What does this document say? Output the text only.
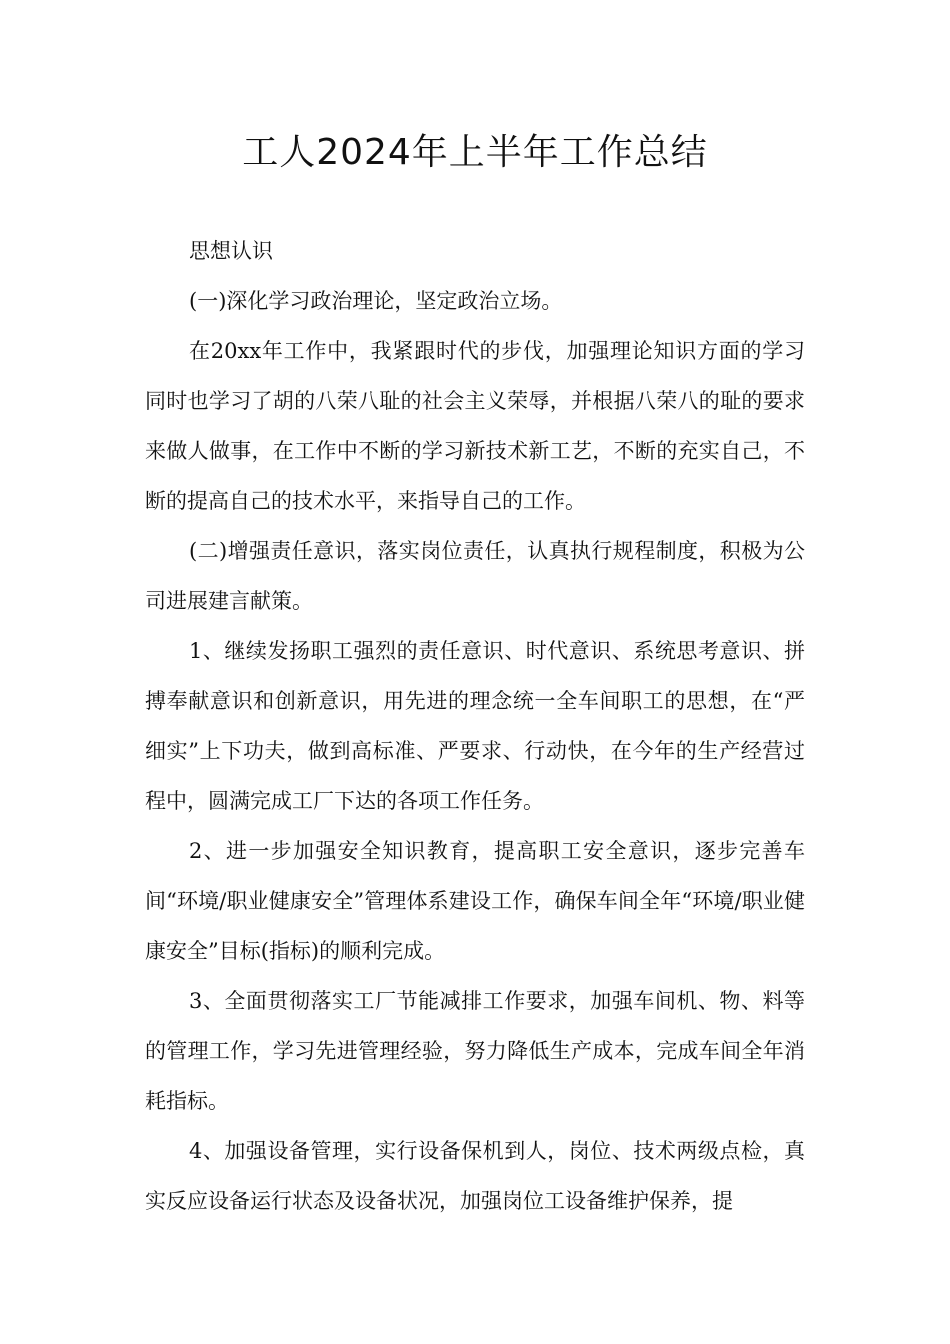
工人2024年上半年工作总结

思想认识

(一)深化学习政治理论，坚定政治立场。

在20xx年工作中，我紧跟时代的步伐，加强理论知识方面的学习同时也学习了胡的八荣八耻的社会主义荣辱，并根据八荣八的耻的要求来做人做事，在工作中不断的学习新技术新工艺，不断的充实自己，不断的提高自己的技术水平，来指导自己的工作。

(二)增强责任意识，落实岗位责任，认真执行规程制度，积极为公司进展建言献策。

1、继续发扬职工强烈的责任意识、时代意识、系统思考意识、拼搏奉献意识和创新意识，用先进的理念统一全车间职工的思想，在“严细实”上下功夫，做到高标准、严要求、行动快，在今年的生产经营过程中，圆满完成工厂下达的各项工作任务。

2、进一步加强安全知识教育，提高职工安全意识，逐步完善车间“环境/职业健康安全”管理体系建设工作，确保车间全年“环境/职业健康安全”目标(指标)的顺利完成。

3、全面贯彻落实工厂节能减排工作要求，加强车间机、物、料等的管理工作，学习先进管理经验，努力降低生产成本，完成车间全年消耗指标。

4、加强设备管理，实行设备保机到人，岗位、技术两级点检，真实反应设备运行状态及设备状况，加强岗位工设备维护保养，提
